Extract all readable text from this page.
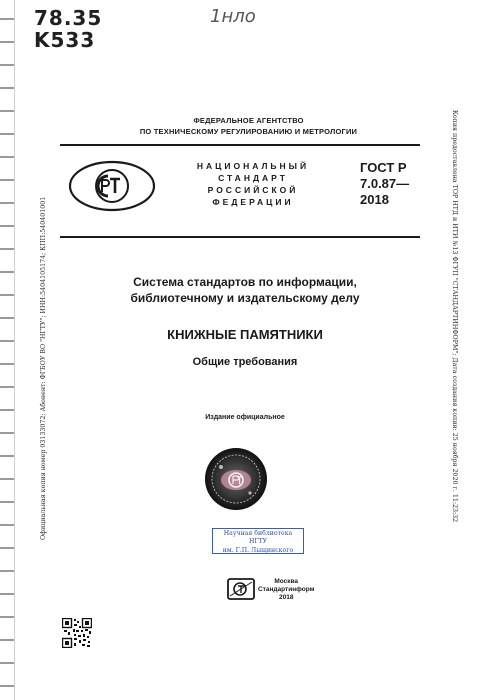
78.35
K533
1нло
ФЕДЕРАЛЬНОЕ АГЕНТСТВО
ПО ТЕХНИЧЕСКОМУ РЕГУЛИРОВАНИЮ И МЕТРОЛОГИИ
НАЦИОНАЛЬНЫЙ
СТАНДАРТ
РОССИЙСКОЙ
ФЕДЕРАЦИИ
ГОСТ Р
7.0.87—
2018
Система стандартов по информации,
библиотечному и издательскому делу
КНИЖНЫЕ ПАМЯТНИКИ
Общие требования
Издание официальное
Научная библиотека
НГТУ
им. Г.П. Лыщинского
Москва
Стандартинформ
2018
Официальная копия номер 03133072; Абонент: ФГБОУ ВО "НГТУ"; ИНН:5404105174; КПП:540401001	Копия предоставлена ТОР НТД и ИТИ №13 ФГУП "СТАНДАРТИНФОРМ"; Дата создания копии: 25 ноября 2020 г. 11:23:32
